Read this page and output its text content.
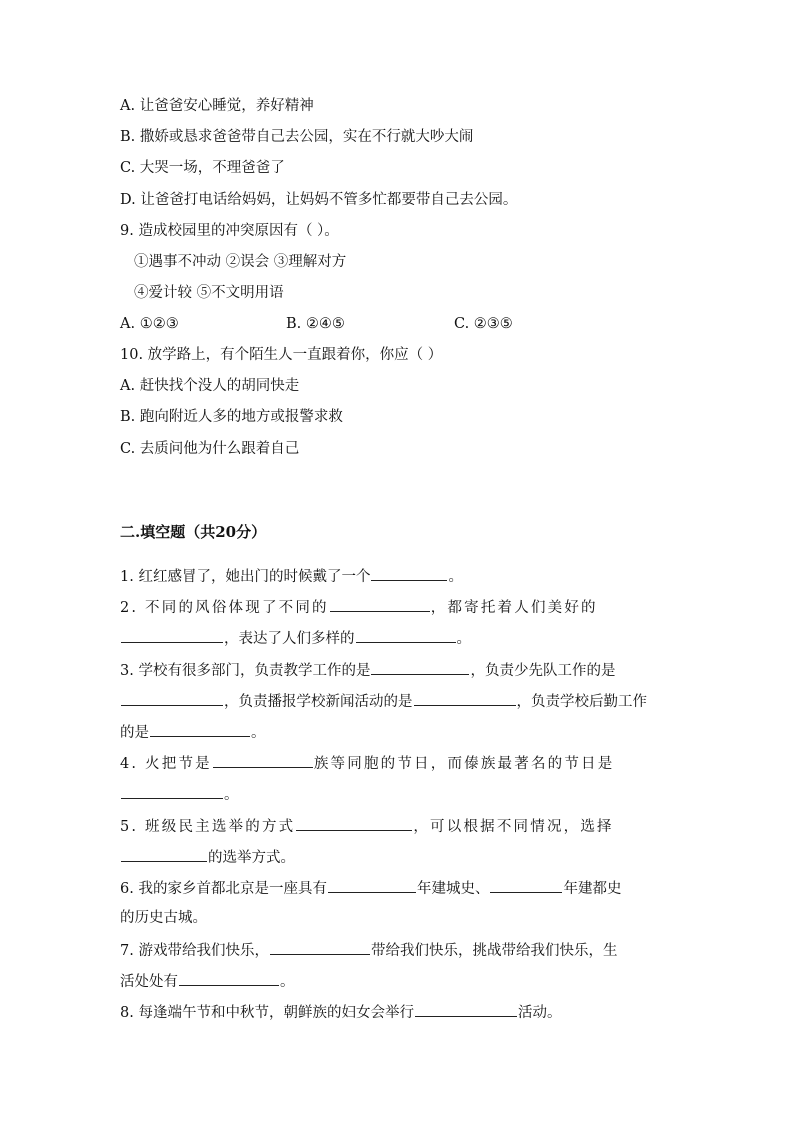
A. 让爸爸安心睡觉，养好精神
B. 撒娇或恳求爸爸带自己去公园，实在不行就大吵大闹
C. 大哭一场，不理爸爸了
D. 让爸爸打电话给妈妈，让妈妈不管多忙都要带自己去公园。
9. 造成校园里的冲突原因有（ ）。
①遇事不冲动 ②误会 ③理解对方
④爱计较 ⑤不文明用语
A. ①②③	B. ②④⑤	C. ②③⑤
10. 放学路上，有个陌生人一直跟着你，你应（ ）
A. 赶快找个没人的胡同快走
B. 跑向附近人多的地方或报警求救
C. 去质问他为什么跟着自己
二.填空题（共20分）
1. 红红感冒了，她出门的时候戴了一个	。
2. 不同的风俗体现了不同的	，都寄托着人们美好的
，表达了人们多样的	。
3. 学校有很多部门，负责教学工作的是	，负责少先队工作的是
，负责播报学校新闻活动的是	，负责学校后勤工作
的是	。
4. 火把节是	族等同胞的节日，而傣族最著名的节日是
。
5. 班级民主选举的方式	，可以根据不同情况，选择
的选举方式。
6. 我的家乡首都北京是一座具有	年建城史、	年建都史
的历史古城。
7. 游戏带给我们快乐，	带给我们快乐，挑战带给我们快乐，生
活处处有	。
8. 每逢端午节和中秋节，朝鲜族的妇女会举行	活动。
